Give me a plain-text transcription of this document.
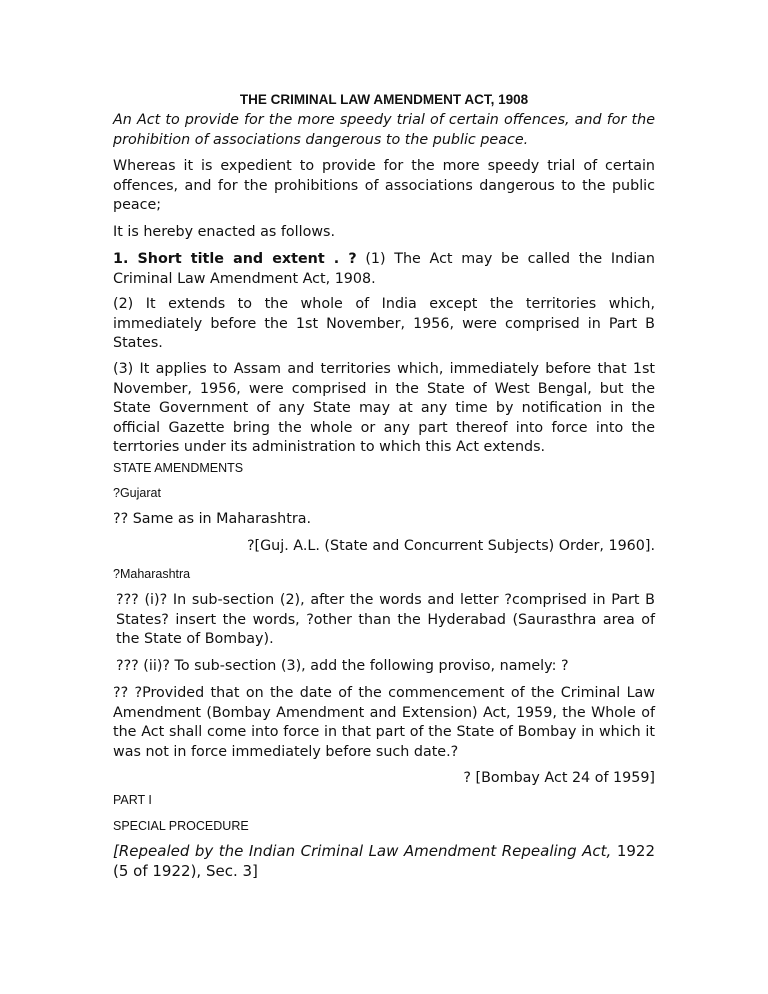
THE CRIMINAL LAW AMENDMENT ACT, 1908

An Act to provide for the more speedy trial of certain offences, and for the prohibition of associations dangerous to the public peace.

Whereas it is expedient to provide for the more speedy trial of certain offences, and for the prohibitions of associations dangerous to the public peace;

It is hereby enacted as follows.

1. Short title and extent . ? (1) The Act may be called the Indian Criminal Law Amendment Act, 1908.

(2) It extends to the whole of India except the territories which, immediately before the 1st November, 1956, were comprised in Part B States.

(3) It applies to Assam and territories which, immediately before that 1st November, 1956, were comprised in the State of West Bengal, but the State Government of any State may at any time by notification in the official Gazette bring the whole or any part thereof into force into the terrtories under its administration to which this Act extends.

STATE AMENDMENTS

?Gujarat

?? Same as in Maharashtra.

?[Guj. A.L. (State and Concurrent Subjects) Order, 1960].

?Maharashtra

??? (i)? In sub-section (2), after the words and letter ?comprised in Part B States? insert the words, ?other than the Hyderabad (Saurasthra area of the State of Bombay).

??? (ii)? To sub-section (3), add the following proviso, namely: ?

?? ?Provided that on the date of the commencement of the Criminal Law Amendment (Bombay Amendment and Extension) Act, 1959, the Whole of the Act shall come into force in that part of the State of Bombay in which it was not in force immediately before such date.?

? [Bombay Act 24 of 1959]

PART I

SPECIAL PROCEDURE

[Repealed by the Indian Criminal Law Amendment Repealing Act, 1922 (5 of 1922), Sec. 3]
